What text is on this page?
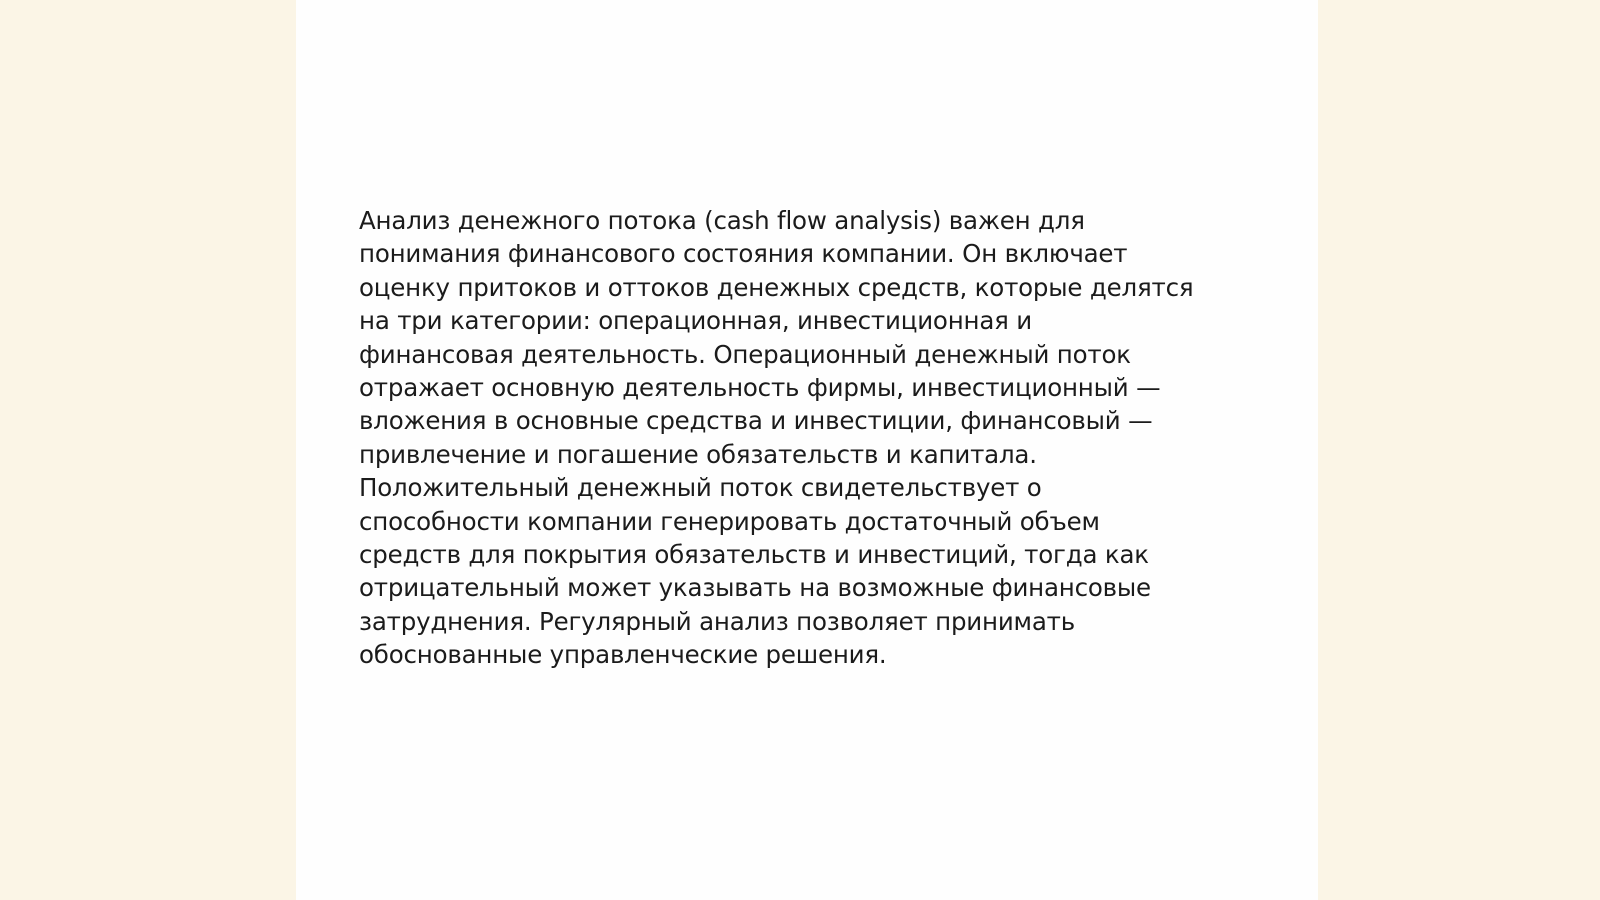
Анализ денежного потока (cash flow analysis) важен для
понимания финансового состояния компании. Он включает
оценку притоков и оттоков денежных средств, которые делятся
на три категории: операционная, инвестиционная и
финансовая деятельность. Операционный денежный поток
отражает основную деятельность фирмы, инвестиционный —
вложения в основные средства и инвестиции, финансовый —
привлечение и погашение обязательств и капитала.
Положительный денежный поток свидетельствует о
способности компании генерировать достаточный объем
средств для покрытия обязательств и инвестиций, тогда как
отрицательный может указывать на возможные финансовые
затруднения. Регулярный анализ позволяет принимать
обоснованные управленческие решения.
